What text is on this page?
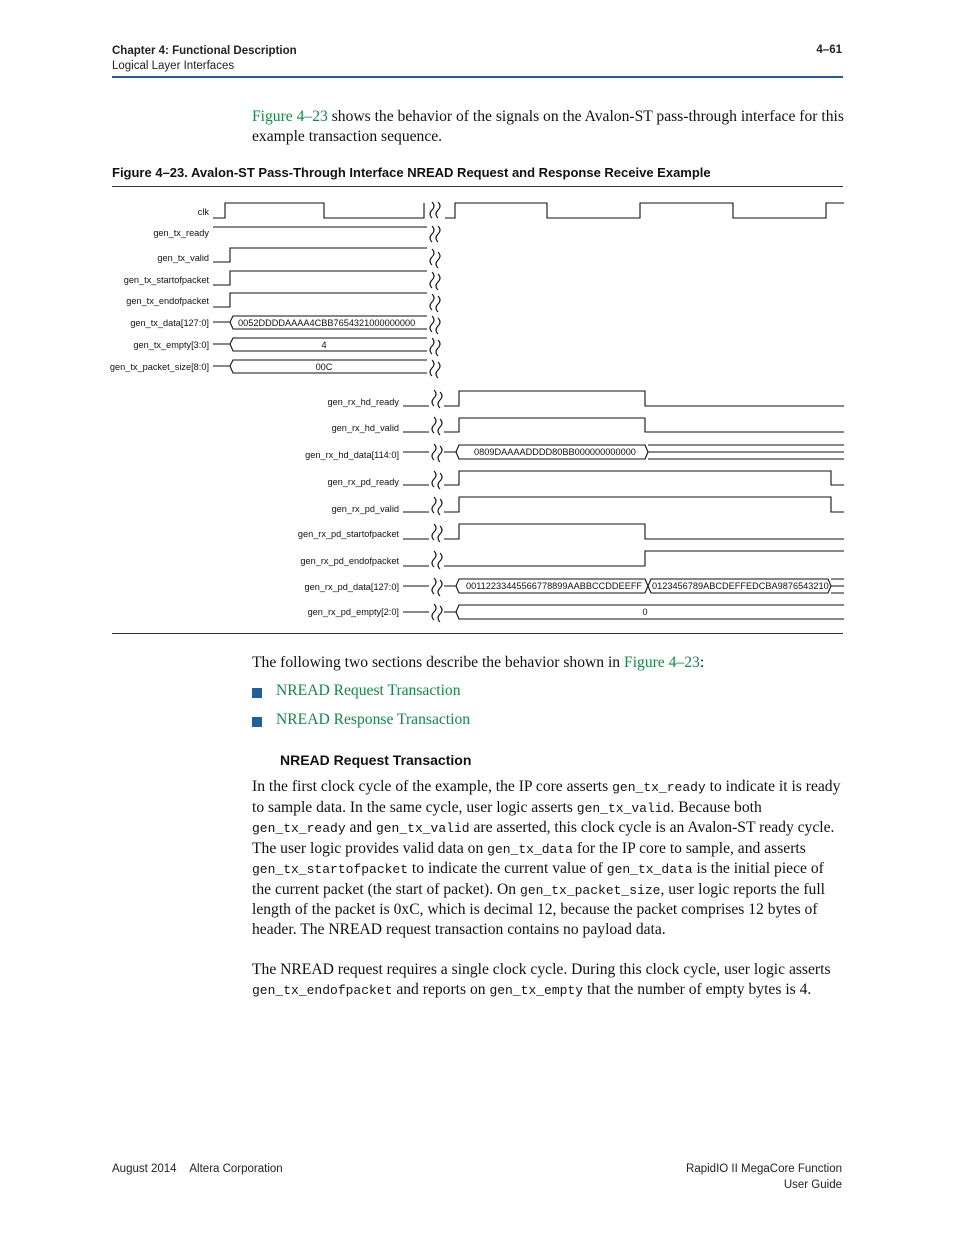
Chapter 4: Functional Description
Logical Layer Interfaces
4–61
Figure 4–23 shows the behavior of the signals on the Avalon-ST pass-through interface for this example transaction sequence.
Figure 4–23. Avalon-ST Pass-Through Interface NREAD Request and Response Receive Example
clk
gen_tx_ready
gen_tx_valid
gen_tx_startofpacket
gen_tx_endofpacket
gen_tx_data[127:0]
gen_tx_empty[3:0]
gen_tx_packet_size[8:0]
0052DDDDAAAA4CBB7654321000000000
4
00C
gen_rx_hd_ready
gen_rx_hd_valid
gen_rx_hd_data[114:0]
gen_rx_pd_ready
gen_rx_pd_valid
gen_rx_pd_startofpacket
gen_rx_pd_endofpacket
gen_rx_pd_data[127:0]
gen_rx_pd_empty[2:0]
0809DAAAADDDD80BB000000000000
00112233445566778899AABBCCDDEEFF 0123456789ABCDEFFEDCBA9876543210
0
The following two sections describe the behavior shown in Figure 4–23:
NREAD Request Transaction
NREAD Response Transaction
NREAD Request Transaction
In the first clock cycle of the example, the IP core asserts gen_tx_ready to indicate it is ready to sample data. In the same cycle, user logic asserts gen_tx_valid. Because both gen_tx_ready and gen_tx_valid are asserted, this clock cycle is an Avalon-ST ready cycle. The user logic provides valid data on gen_tx_data for the IP core to sample, and asserts gen_tx_startofpacket to indicate the current value of gen_tx_data is the initial piece of the current packet (the start of packet). On gen_tx_packet_size, user logic reports the full length of the packet is 0xC, which is decimal 12, because the packet comprises 12 bytes of header. The NREAD request transaction contains no payload data.
The NREAD request requires a single clock cycle. During this clock cycle, user logic asserts gen_tx_endofpacket and reports on gen_tx_empty that the number of empty bytes is 4.
August 2014 Altera Corporation	RapidIO II MegaCore Function
User Guide
